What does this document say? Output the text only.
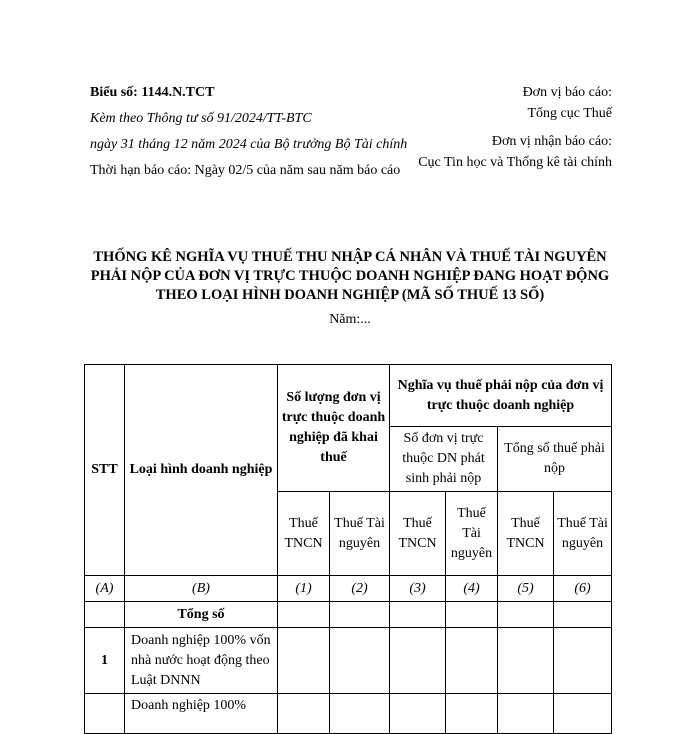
Biểu số: 1144.N.TCT

Kèm theo Thông tư số 91/2024/TT-BTC

ngày 31 tháng 12 năm 2024 của Bộ trưởng Bộ Tài chính

Thời hạn báo cáo: Ngày 02/5 của năm sau năm báo cáo

Đơn vị báo cáo:

Tổng cục Thuế

Đơn vị nhận báo cáo:

Cục Tin học và Thống kê tài chính

THỐNG KÊ NGHĨA VỤ THUẾ THU NHẬP CÁ NHÂN VÀ THUẾ TÀI NGUYÊN PHẢI NỘP CỦA ĐƠN VỊ TRỰC THUỘC DOANH NGHIỆP ĐANG HOẠT ĐỘNG THEO LOẠI HÌNH DOANH NGHIỆP (MÃ SỐ THUẾ 13 SỐ)
Năm:...
STT	Loại hình doanh nghiệp	Số lượng đơn vị trực thuộc doanh nghiệp đã khai thuế		Nghĩa vụ thuế phải nộp của đơn vị trực thuộc doanh nghiệp			
				Số đơn vị trực thuộc DN phát sinh phải nộp		Tổng số thuế phải nộp	
		Thuế TNCN	Thuế Tài nguyên	Thuế TNCN	Thuế Tài nguyên	Thuế TNCN	Thuế Tài nguyên
(A)	(B)	(1)	(2)	(3)	(4)	(5)	(6)
	Tổng số						
1	Doanh nghiệp 100% vốn nhà nước hoạt động theo Luật DNNN						
	Doanh nghiệp 100%						
